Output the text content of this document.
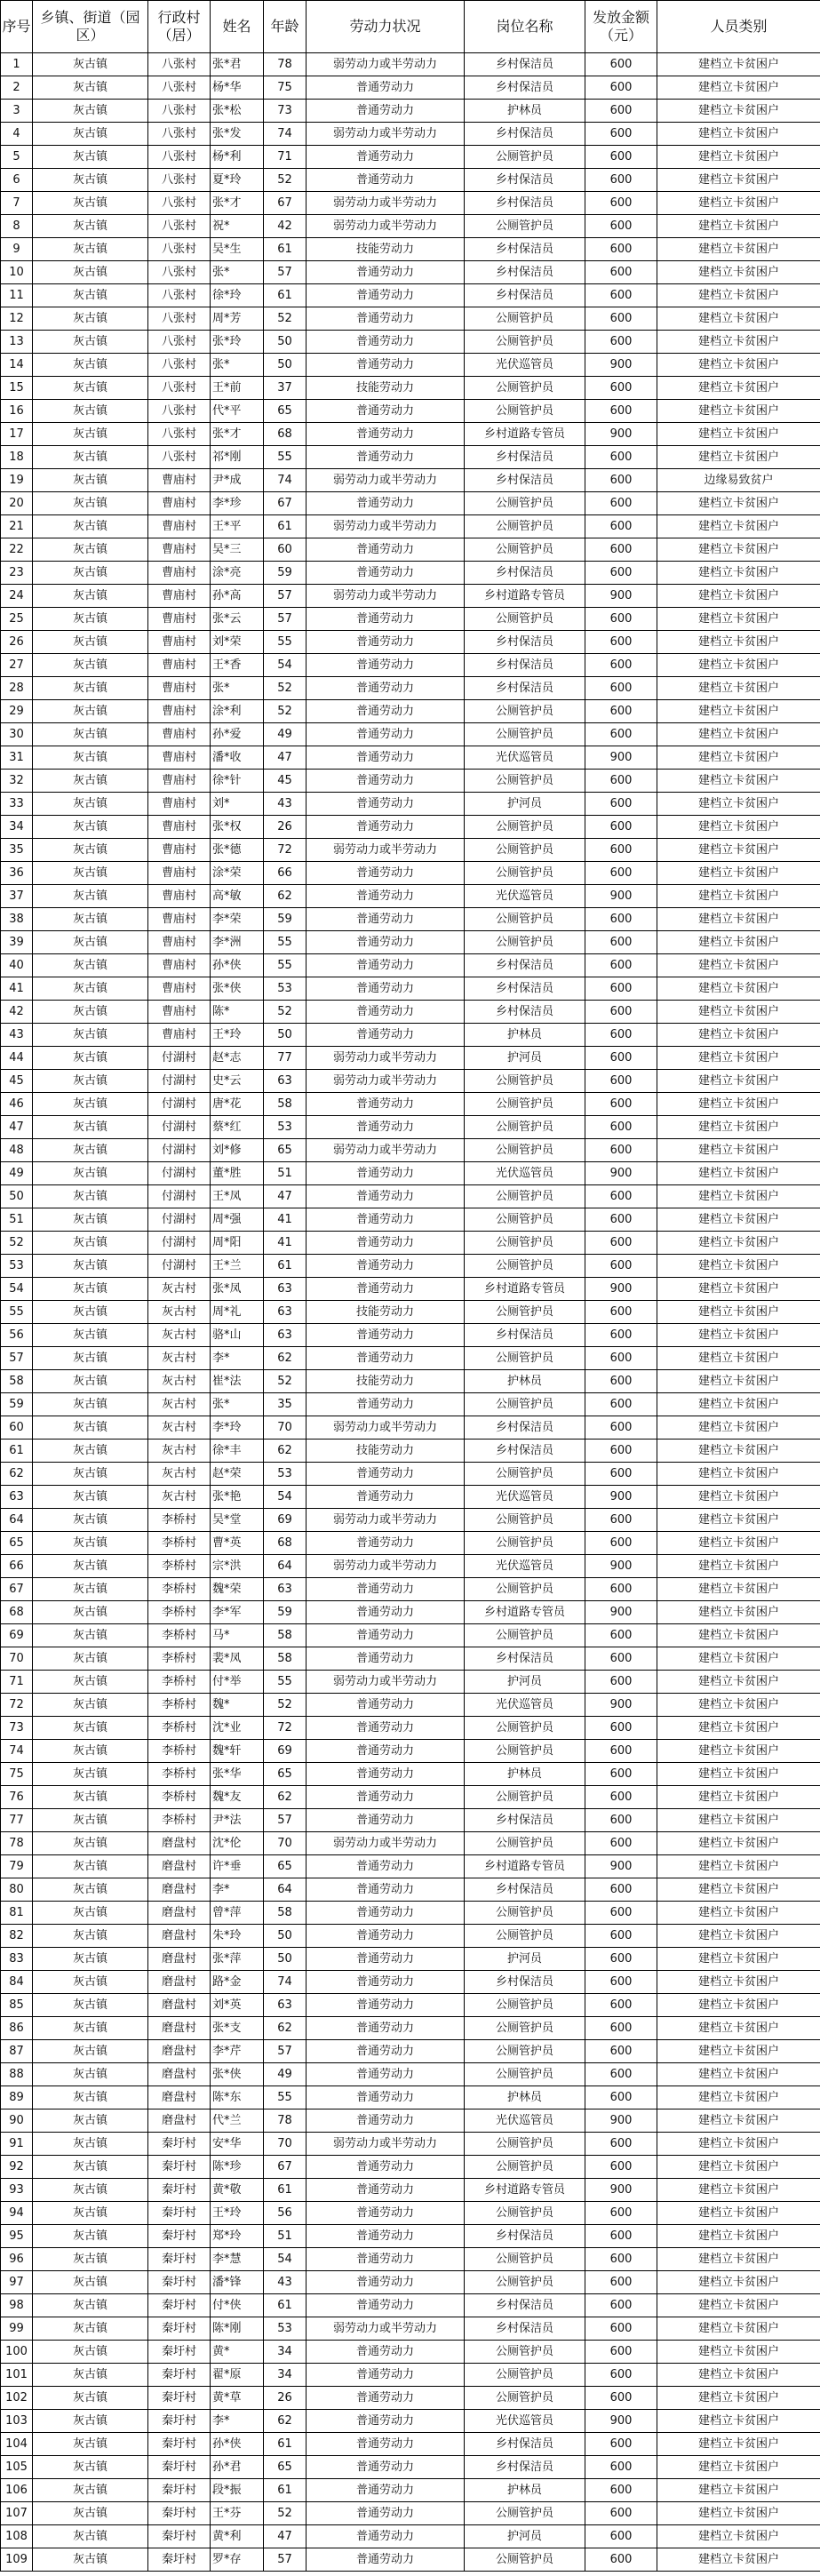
序号	乡镇、街道（园区）	行政村（居）	姓名	年龄	劳动力状况	岗位名称	发放金额（元）	人员类别
1	灰古镇	八张村	张*君	78	弱劳动力或半劳动力	乡村保洁员	600	建档立卡贫困户
2	灰古镇	八张村	杨*华	75	普通劳动力	乡村保洁员	600	建档立卡贫困户
3	灰古镇	八张村	张*松	73	普通劳动力	护林员	600	建档立卡贫困户
4	灰古镇	八张村	张*发	74	弱劳动力或半劳动力	乡村保洁员	600	建档立卡贫困户
5	灰古镇	八张村	杨*利	71	普通劳动力	公厕管护员	600	建档立卡贫困户
6	灰古镇	八张村	夏*玲	52	普通劳动力	乡村保洁员	600	建档立卡贫困户
7	灰古镇	八张村	张*才	67	弱劳动力或半劳动力	乡村保洁员	600	建档立卡贫困户
8	灰古镇	八张村	祝*	42	弱劳动力或半劳动力	公厕管护员	600	建档立卡贫困户
9	灰古镇	八张村	吴*生	61	技能劳动力	乡村保洁员	600	建档立卡贫困户
10	灰古镇	八张村	张*	57	普通劳动力	乡村保洁员	600	建档立卡贫困户
11	灰古镇	八张村	徐*玲	61	普通劳动力	乡村保洁员	600	建档立卡贫困户
12	灰古镇	八张村	周*芳	52	普通劳动力	公厕管护员	600	建档立卡贫困户
13	灰古镇	八张村	张*玲	50	普通劳动力	公厕管护员	600	建档立卡贫困户
14	灰古镇	八张村	张*	50	普通劳动力	光伏巡管员	900	建档立卡贫困户
15	灰古镇	八张村	王*前	37	技能劳动力	公厕管护员	600	建档立卡贫困户
16	灰古镇	八张村	代*平	65	普通劳动力	公厕管护员	600	建档立卡贫困户
17	灰古镇	八张村	张*才	68	普通劳动力	乡村道路专管员	900	建档立卡贫困户
18	灰古镇	八张村	祁*刚	55	普通劳动力	乡村保洁员	600	建档立卡贫困户
19	灰古镇	曹庙村	尹*成	74	弱劳动力或半劳动力	乡村保洁员	600	边缘易致贫户
20	灰古镇	曹庙村	李*珍	67	普通劳动力	公厕管护员	600	建档立卡贫困户
21	灰古镇	曹庙村	王*平	61	弱劳动力或半劳动力	公厕管护员	600	建档立卡贫困户
22	灰古镇	曹庙村	吴*三	60	普通劳动力	公厕管护员	600	建档立卡贫困户
23	灰古镇	曹庙村	涂*亮	59	普通劳动力	乡村保洁员	600	建档立卡贫困户
24	灰古镇	曹庙村	孙*高	57	弱劳动力或半劳动力	乡村道路专管员	900	建档立卡贫困户
25	灰古镇	曹庙村	张*云	57	普通劳动力	公厕管护员	600	建档立卡贫困户
26	灰古镇	曹庙村	刘*荣	55	普通劳动力	乡村保洁员	600	建档立卡贫困户
27	灰古镇	曹庙村	王*香	54	普通劳动力	乡村保洁员	600	建档立卡贫困户
28	灰古镇	曹庙村	张*	52	普通劳动力	乡村保洁员	600	建档立卡贫困户
29	灰古镇	曹庙村	涂*利	52	普通劳动力	公厕管护员	600	建档立卡贫困户
30	灰古镇	曹庙村	孙*爱	49	普通劳动力	公厕管护员	600	建档立卡贫困户
31	灰古镇	曹庙村	潘*收	47	普通劳动力	光伏巡管员	900	建档立卡贫困户
32	灰古镇	曹庙村	徐*针	45	普通劳动力	公厕管护员	600	建档立卡贫困户
33	灰古镇	曹庙村	刘*	43	普通劳动力	护河员	600	建档立卡贫困户
34	灰古镇	曹庙村	张*权	26	普通劳动力	公厕管护员	600	建档立卡贫困户
35	灰古镇	曹庙村	张*德	72	弱劳动力或半劳动力	公厕管护员	600	建档立卡贫困户
36	灰古镇	曹庙村	涂*荣	66	普通劳动力	公厕管护员	600	建档立卡贫困户
37	灰古镇	曹庙村	高*敏	62	普通劳动力	光伏巡管员	900	建档立卡贫困户
38	灰古镇	曹庙村	李*荣	59	普通劳动力	公厕管护员	600	建档立卡贫困户
39	灰古镇	曹庙村	李*洲	55	普通劳动力	公厕管护员	600	建档立卡贫困户
40	灰古镇	曹庙村	孙*侠	55	普通劳动力	乡村保洁员	600	建档立卡贫困户
41	灰古镇	曹庙村	张*侠	53	普通劳动力	乡村保洁员	600	建档立卡贫困户
42	灰古镇	曹庙村	陈*	52	普通劳动力	乡村保洁员	600	建档立卡贫困户
43	灰古镇	曹庙村	王*玲	50	普通劳动力	护林员	600	建档立卡贫困户
44	灰古镇	付湖村	赵*志	77	弱劳动力或半劳动力	护河员	600	建档立卡贫困户
45	灰古镇	付湖村	史*云	63	弱劳动力或半劳动力	公厕管护员	600	建档立卡贫困户
46	灰古镇	付湖村	唐*花	58	普通劳动力	公厕管护员	600	建档立卡贫困户
47	灰古镇	付湖村	蔡*红	53	普通劳动力	公厕管护员	600	建档立卡贫困户
48	灰古镇	付湖村	刘*修	65	弱劳动力或半劳动力	公厕管护员	600	建档立卡贫困户
49	灰古镇	付湖村	董*胜	51	普通劳动力	光伏巡管员	900	建档立卡贫困户
50	灰古镇	付湖村	王*凤	47	普通劳动力	公厕管护员	600	建档立卡贫困户
51	灰古镇	付湖村	周*强	41	普通劳动力	公厕管护员	600	建档立卡贫困户
52	灰古镇	付湖村	周*阳	41	普通劳动力	公厕管护员	600	建档立卡贫困户
53	灰古镇	付湖村	王*兰	61	普通劳动力	公厕管护员	600	建档立卡贫困户
54	灰古镇	灰古村	张*凤	63	普通劳动力	乡村道路专管员	900	建档立卡贫困户
55	灰古镇	灰古村	周*礼	63	技能劳动力	公厕管护员	600	建档立卡贫困户
56	灰古镇	灰古村	骆*山	63	普通劳动力	乡村保洁员	600	建档立卡贫困户
57	灰古镇	灰古村	李*	62	普通劳动力	公厕管护员	600	建档立卡贫困户
58	灰古镇	灰古村	崔*法	52	技能劳动力	护林员	600	建档立卡贫困户
59	灰古镇	灰古村	张*	35	普通劳动力	公厕管护员	600	建档立卡贫困户
60	灰古镇	灰古村	李*玲	70	弱劳动力或半劳动力	乡村保洁员	600	建档立卡贫困户
61	灰古镇	灰古村	徐*丰	62	技能劳动力	乡村保洁员	600	建档立卡贫困户
62	灰古镇	灰古村	赵*荣	53	普通劳动力	公厕管护员	600	建档立卡贫困户
63	灰古镇	灰古村	张*艳	54	普通劳动力	光伏巡管员	900	建档立卡贫困户
64	灰古镇	李桥村	吴*堂	69	弱劳动力或半劳动力	公厕管护员	600	建档立卡贫困户
65	灰古镇	李桥村	曹*英	68	普通劳动力	公厕管护员	600	建档立卡贫困户
66	灰古镇	李桥村	宗*洪	64	弱劳动力或半劳动力	光伏巡管员	900	建档立卡贫困户
67	灰古镇	李桥村	魏*荣	63	普通劳动力	公厕管护员	600	建档立卡贫困户
68	灰古镇	李桥村	李*军	59	普通劳动力	乡村道路专管员	900	建档立卡贫困户
69	灰古镇	李桥村	马*	58	普通劳动力	公厕管护员	600	建档立卡贫困户
70	灰古镇	李桥村	裴*凤	58	普通劳动力	乡村保洁员	600	建档立卡贫困户
71	灰古镇	李桥村	付*举	55	弱劳动力或半劳动力	护河员	600	建档立卡贫困户
72	灰古镇	李桥村	魏*	52	普通劳动力	光伏巡管员	900	建档立卡贫困户
73	灰古镇	李桥村	沈*业	72	普通劳动力	公厕管护员	600	建档立卡贫困户
74	灰古镇	李桥村	魏*轩	69	普通劳动力	公厕管护员	600	建档立卡贫困户
75	灰古镇	李桥村	张*华	65	普通劳动力	护林员	600	建档立卡贫困户
76	灰古镇	李桥村	魏*友	62	普通劳动力	公厕管护员	600	建档立卡贫困户
77	灰古镇	李桥村	尹*法	57	普通劳动力	乡村保洁员	600	建档立卡贫困户
78	灰古镇	磨盘村	沈*伦	70	弱劳动力或半劳动力	公厕管护员	600	建档立卡贫困户
79	灰古镇	磨盘村	许*垂	65	普通劳动力	乡村道路专管员	900	建档立卡贫困户
80	灰古镇	磨盘村	李*	64	普通劳动力	乡村保洁员	600	建档立卡贫困户
81	灰古镇	磨盘村	曾*萍	58	普通劳动力	公厕管护员	600	建档立卡贫困户
82	灰古镇	磨盘村	朱*玲	50	普通劳动力	公厕管护员	600	建档立卡贫困户
83	灰古镇	磨盘村	张*萍	50	普通劳动力	护河员	600	建档立卡贫困户
84	灰古镇	磨盘村	路*金	74	普通劳动力	乡村保洁员	600	建档立卡贫困户
85	灰古镇	磨盘村	刘*英	63	普通劳动力	公厕管护员	600	建档立卡贫困户
86	灰古镇	磨盘村	张*支	62	普通劳动力	公厕管护员	600	建档立卡贫困户
87	灰古镇	磨盘村	李*芹	57	普通劳动力	公厕管护员	600	建档立卡贫困户
88	灰古镇	磨盘村	张*侠	49	普通劳动力	公厕管护员	600	建档立卡贫困户
89	灰古镇	磨盘村	陈*东	55	普通劳动力	护林员	600	建档立卡贫困户
90	灰古镇	磨盘村	代*兰	78	普通劳动力	光伏巡管员	900	建档立卡贫困户
91	灰古镇	秦圩村	安*华	70	弱劳动力或半劳动力	公厕管护员	600	建档立卡贫困户
92	灰古镇	秦圩村	陈*珍	67	普通劳动力	公厕管护员	600	建档立卡贫困户
93	灰古镇	秦圩村	黄*敬	61	普通劳动力	乡村道路专管员	900	建档立卡贫困户
94	灰古镇	秦圩村	王*玲	56	普通劳动力	公厕管护员	600	建档立卡贫困户
95	灰古镇	秦圩村	郑*玲	51	普通劳动力	乡村保洁员	600	建档立卡贫困户
96	灰古镇	秦圩村	李*慧	54	普通劳动力	公厕管护员	600	建档立卡贫困户
97	灰古镇	秦圩村	潘*锋	43	普通劳动力	公厕管护员	600	建档立卡贫困户
98	灰古镇	秦圩村	付*侠	61	普通劳动力	乡村保洁员	600	建档立卡贫困户
99	灰古镇	秦圩村	陈*刚	53	弱劳动力或半劳动力	乡村保洁员	600	建档立卡贫困户
100	灰古镇	秦圩村	黄*	34	普通劳动力	公厕管护员	600	建档立卡贫困户
101	灰古镇	秦圩村	翟*原	34	普通劳动力	公厕管护员	600	建档立卡贫困户
102	灰古镇	秦圩村	黄*草	26	普通劳动力	公厕管护员	600	建档立卡贫困户
103	灰古镇	秦圩村	李*	62	普通劳动力	光伏巡管员	900	建档立卡贫困户
104	灰古镇	秦圩村	孙*侠	61	普通劳动力	乡村保洁员	600	建档立卡贫困户
105	灰古镇	秦圩村	孙*君	65	普通劳动力	乡村保洁员	600	建档立卡贫困户
106	灰古镇	秦圩村	段*振	61	普通劳动力	护林员	600	建档立卡贫困户
107	灰古镇	秦圩村	王*芬	52	普通劳动力	公厕管护员	600	建档立卡贫困户
108	灰古镇	秦圩村	黄*利	47	普通劳动力	护河员	600	建档立卡贫困户
109	灰古镇	秦圩村	罗*存	57	普通劳动力	公厕管护员	600	建档立卡贫困户
